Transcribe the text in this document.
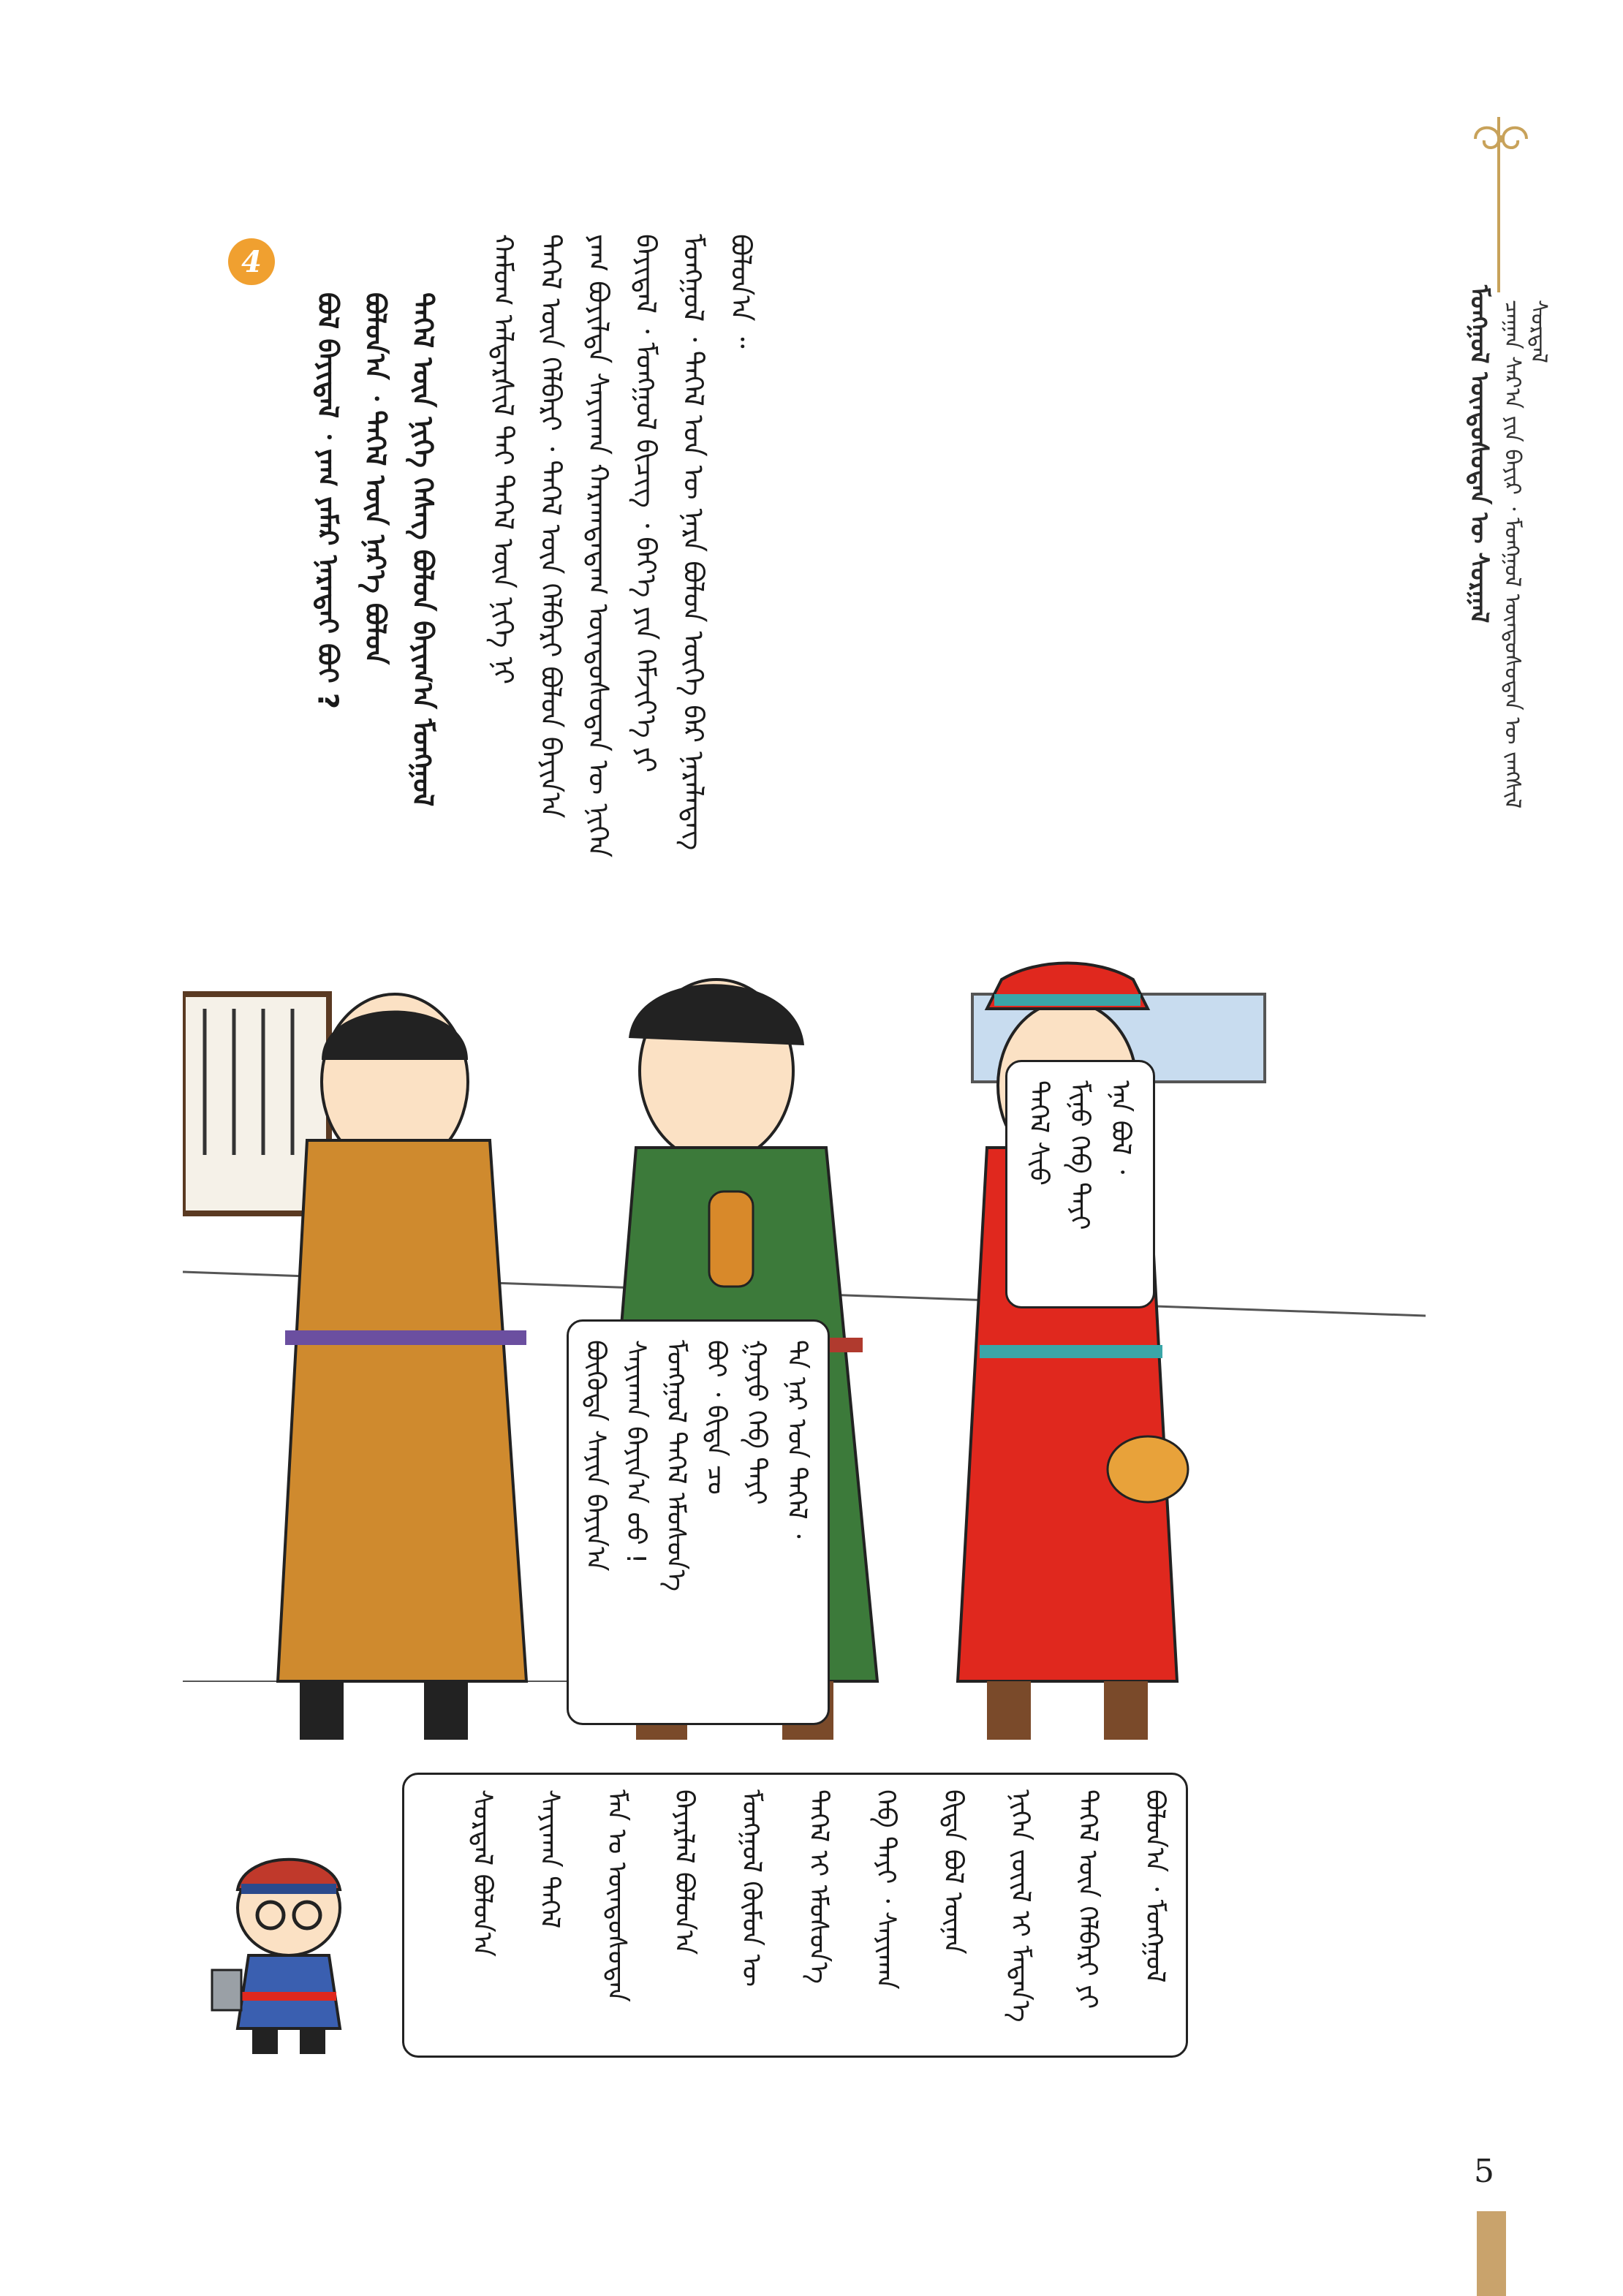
ᠮᠣᠩᠭᠣᠯ ᠦᠨᠳᠦᠰᠦᠲᠡᠨ ᠦ ᠰᠤᠷᠭᠠᠯ ᠴᠠᠭᠠᠨ ᠰᠠᠷ᠎ᠠ ᠶᠢᠨ ᠪᠠᠶᠢᠷ ᠂ ᠮᠣᠩᠭᠣᠯ ᠦᠨᠳᠦᠰᠦᠲᠡᠨ ᠦ ᠵᠠᠩᠱᠢᠯ ᠰᠤᠷᠲᠠᠯ
ᠪᠣᠯᠤᠨ᠎ᠠ ᠃
ᠮᠣᠩᠭᠣᠯ ᠂ ᠳᠡᠭᠡᠯ ᠡᠳ ᠦ ᠨᠡᠷᠡ ᠪᠣᠯᠤᠨ ᠦᠭᠡ ᠪᠠᠷ ᠨᠡᠷᠡᠯᠡᠳᠡᠭ
ᠪᠠᠶᠢᠳᠠᠯ ᠂ ᠮᠣᠩᠭᠣᠯ ᠪᠢᠴᠢᠭ ᠂ ᠪᠡᠶ᠎ᠡ ᠶᠢᠨ ᠬᠡᠮᠵᠢᠶ᠎ᠡ ᠶᠢ
ᠶᠠᠭ ᠪᠣᠶᠢᠯᠲᠠ ᠰᠠᠶᠢᠬᠠᠨ ᠬᠠᠷᠠᠭᠳᠠᠳᠠᠭ ᠦᠨᠳᠦᠰᠦᠲᠡᠨ ᠦ ᠨᠢᠭᠡᠨ
ᠳᠡᠭᠡᠯ ᠦᠨ ᠬᠡᠯᠪᠡᠷᠢ ᠂ ᠳᠡᠭᠡᠯ ᠦᠨ ᠬᠡᠯᠪᠡᠷᠢ ᠪᠣᠯᠤᠨ ᠪᠠᠶᠢᠨ᠎ᠠ
ᠬᠠᠮᠤᠭ ᠠᠯᠳᠠᠷᠰᠢᠯ ᠲᠠᠢ ᠳᠡᠭᠡᠯ ᠦᠨ ᠨᠢᠭᠡ ᠨᠢ
4
ᠳᠡᠭᠡᠯ ᠦᠨ ᠨᠢᠭᠡ ᠬᠡᠰᠡᠭ ᠪᠣᠯᠤᠨ ᠪᠠᠶᠢᠭ᠎ᠠ ᠮᠣᠩᠭᠣᠯ
ᠪᠣᠯᠤᠨ᠎ᠠ ᠂ ᠳᠡᠭᠡᠯ ᠦᠨ ᠨᠡᠷ᠎ᠡ ᠪᠣᠯᠤᠨ
ᠪᠣᠯ ᠪᠠᠶᠢᠳᠠᠯ ᠂ ᠶᠠᠭ ᠶᠠᠮᠠᠷ ᠨᠡᠷᠡᠲᠡᠢ ᠪᠣᠢ ?
ᠡᠨᠡ ᠪᠣᠯ ᠂
ᠮᠢᠨᠤ ᠬᠡᠪ ᠲᠠᠶᠢ
ᠳᠡᠭᠡᠯ ᠰᠢᠦ
ᠲᠠ ᠨᠠᠷ ᠤᠨ ᠳᠡᠭᠡᠯ ᠂
ᠭᠣᠶᠣ ᠬᠡᠪ ᠲᠠᠶᠢ
ᠪᠤᠢ ᠂ ᠪᠢᠳᠡ ᠴᠤ
ᠮᠣᠩᠭᠣᠯ ᠳᠡᠭᠡᠯ ᠡᠮᠦᠰᠦᠨ᠎ᠡ
ᠰᠠᠶᠢᠬᠠᠨ ᠪᠠᠶᠢᠨ᠎ᠠ ᠦᠦ !
ᠪᠦᠭᠦᠳᠡ ᠰᠠᠶᠢᠨ ᠪᠠᠶᠢᠨ᠎ᠠ
ᠪᠣᠯᠤᠨ᠎ᠠ ᠂ ᠮᠣᠩᠭᠣᠯ
ᠳᠡᠭᠡᠯ ᠦᠨ ᠬᠡᠯᠪᠡᠷᠢ ᠶᠢ
ᠨᠢᠭᠡᠨ ᠵᠦᠢᠯ ᠢ ᠮᠡᠳᠡᠨ᠎ᠡ
ᠪᠢᠳᠡ ᠪᠣᠯ ᠦᠨᠡᠨ
ᠬᠡᠪ ᠲᠠᠶᠢ ᠂ ᠰᠠᠶᠢᠬᠠᠨ
ᠳᠡᠭᠡᠯ ᠢ ᠡᠮᠦᠰᠦᠨ᠎ᠡ
ᠮᠣᠩᠭᠣᠯ ᠬᠦᠮᠦᠨ ᠦ
ᠪᠠᠶᠠᠷᠯᠠᠯ ᠪᠣᠯᠤᠨ᠎ᠠ
ᠮᠠᠨ ᠤ ᠦᠨᠳᠦᠰᠦᠲᠡᠨ
ᠰᠠᠶᠢᠬᠠᠨ ᠳᠡᠭᠡᠯ
ᠰᠤᠷᠲᠠᠯ ᠪᠣᠯᠤᠨ᠎ᠠ
5
